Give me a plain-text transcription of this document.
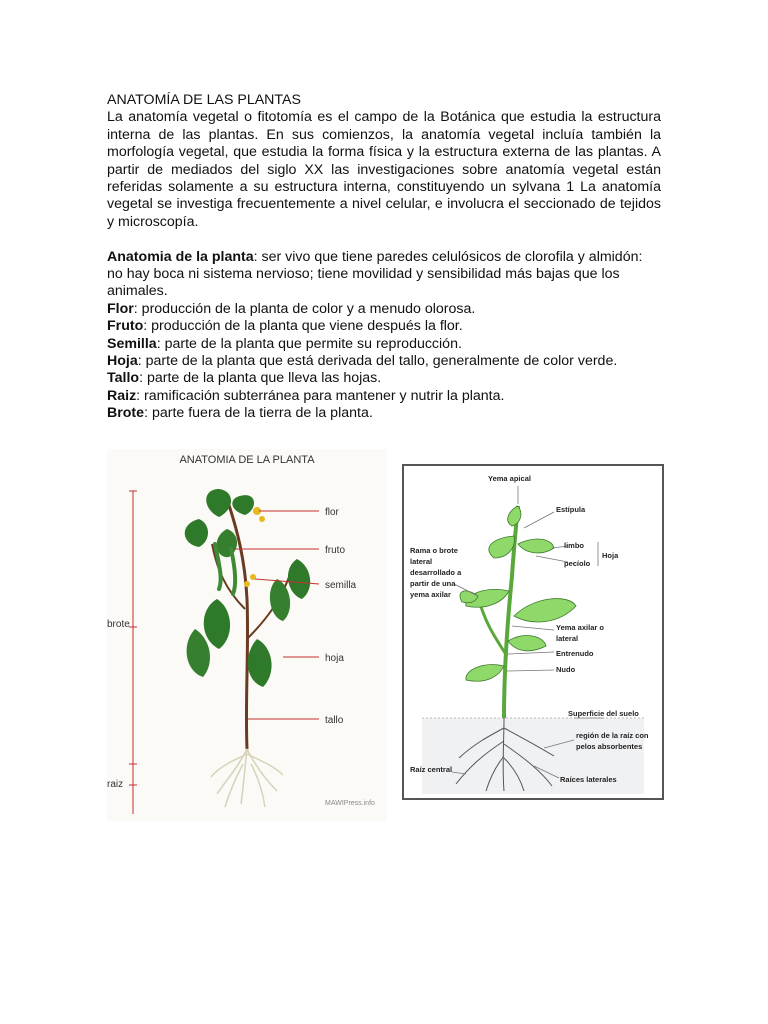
ANATOMÍA DE LAS PLANTAS

La anatomía vegetal o fitotomía es el campo de la Botánica que estudia la estructura interna de las plantas. En sus comienzos, la anatomía vegetal incluía también la morfología vegetal, que estudia la forma física y la estructura externa de las plantas. A partir de mediados del siglo XX las investigaciones sobre anatomía vegetal están referidas solamente a su estructura interna, constituyendo un sylvana 1 La anatomía vegetal se investiga frecuentemente a nivel celular, e involucra el seccionado de tejidos y microscopía.

Anatomia de la planta: ser vivo que tiene paredes celulósicos de clorofila y almidón: no hay boca ni sistema nervioso; tiene movilidad y sensibilidad más bajas que los animales.

Flor: producción de la planta de color y a menudo olorosa.

Fruto: producción de la planta que viene después la flor.

Semilla: parte de la planta que permite su reproducción.

Hoja: parte de la planta que está derivada del tallo, generalmente de color verde.

Tallo: parte de la planta que lleva las hojas.

Raiz: ramificación subterránea para mantener y nutrir la planta.

Brote: parte fuera de la tierra de la planta.

ANATOMIA DE LA PLANTA
brote
raiz
flor
fruto
semilla
hoja
tallo
MAWIPress.info
Yema apical
Estípula
limbo
pecíolo
Hoja
Rama o brote
lateral
desarrollado a
partir de una
yema axilar
Yema axilar o
lateral
Entrenudo
Nudo
Superficie del suelo
región de la raíz con
pelos absorbentes
Raíz central
Raíces laterales
